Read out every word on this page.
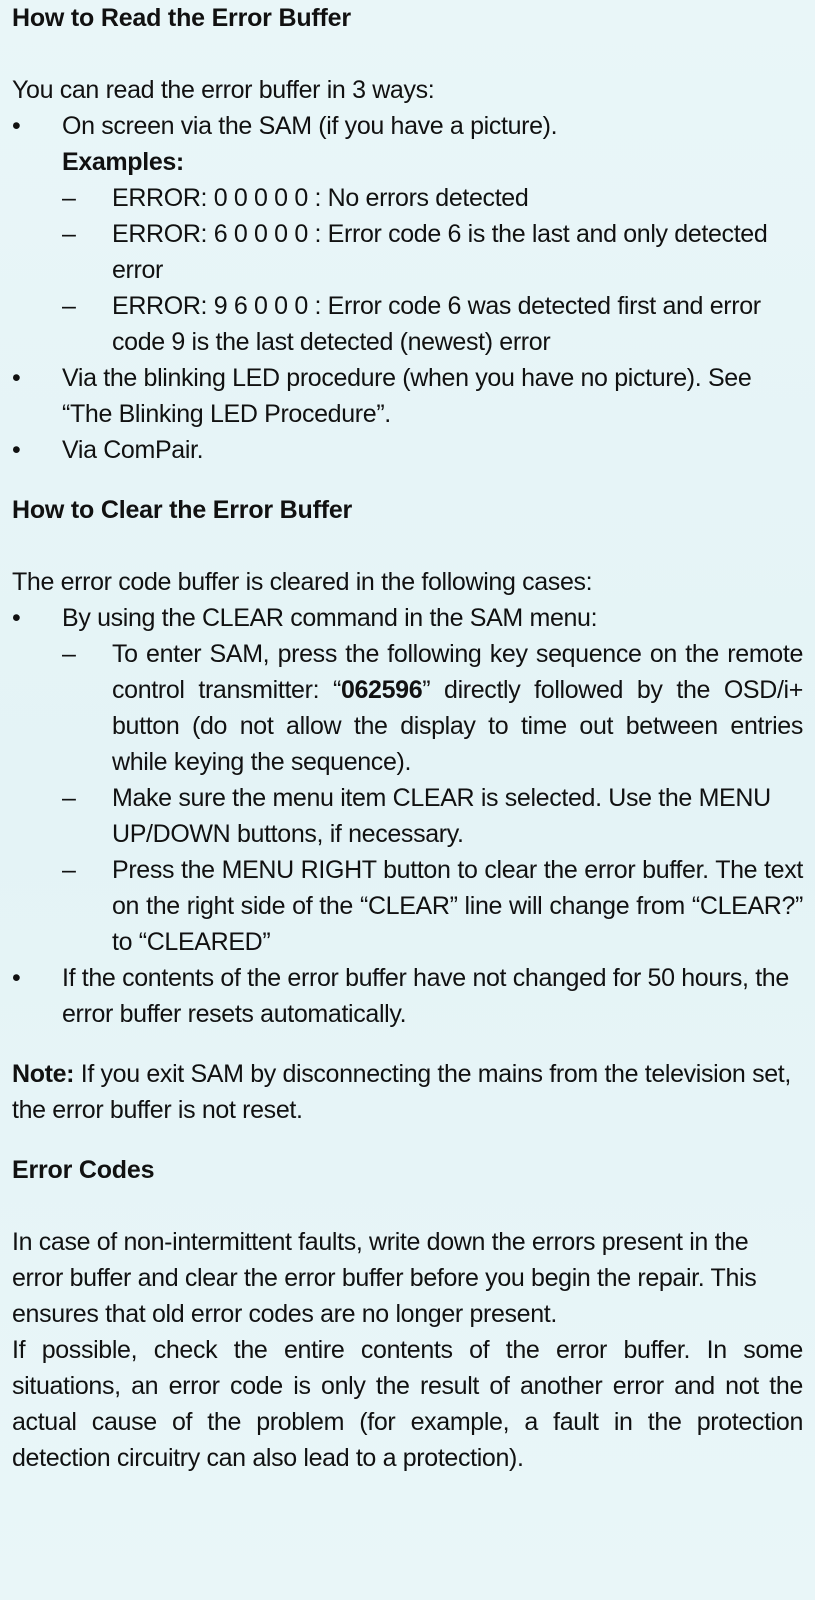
How to Read the Error Buffer

You can read the error buffer in 3 ways:

•	On screen via the SAM (if you have a picture).
Examples:
–	ERROR: 0 0 0 0 0 : No errors detected
–	ERROR: 6 0 0 0 0 : Error code 6 is the last and only detected error
–	ERROR: 9 6 0 0 0 : Error code 6 was detected first and error code 9 is the last detected (newest) error
•	Via the blinking LED procedure (when you have no picture). See “The Blinking LED Procedure”.
•	Via ComPair.
How to Clear the Error Buffer

The error code buffer is cleared in the following cases:

•	By using the CLEAR command in the SAM menu:
–	To enter SAM, press the following key sequence on the remote control transmitter: “062596” directly followed by the OSD/i+ button (do not allow the display to time out between entries while keying the sequence).
–	Make sure the menu item CLEAR is selected. Use the MENU UP/DOWN buttons, if necessary.
–	Press the MENU RIGHT button to clear the error buffer. The text on the right side of the “CLEAR” line will change from “CLEAR?” to “CLEARED”
•	If the contents of the error buffer have not changed for 50 hours, the error buffer resets automatically.

Note: If you exit SAM by disconnecting the mains from the television set, the error buffer is not reset.

Error Codes

In case of non-intermittent faults, write down the errors present in the error buffer and clear the error buffer before you begin the repair. This ensures that old error codes are no longer present.

If possible, check the entire contents of the error buffer. In some situations, an error code is only the result of another error and not the actual cause of the problem (for example, a fault in the protection detection circuitry can also lead to a protection).
